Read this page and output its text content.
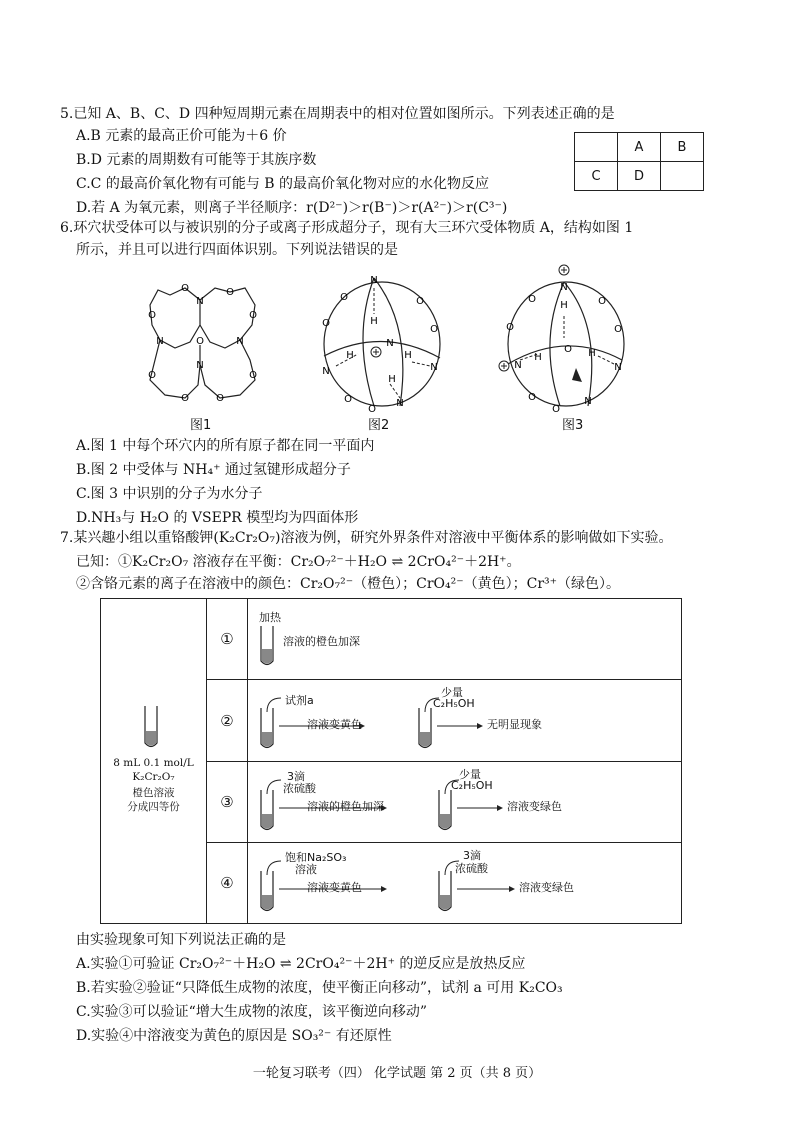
5.已知 A、B、C、D 四种短周期元素在周期表中的相对位置如图所示。下列表述正确的是
A.B 元素的最高正价可能为＋6 价
B.D 元素的周期数有可能等于其族序数
C.C 的最高价氧化物有可能与 B 的最高价氧化物对应的水化物反应
D.若 A 为氧元素，则离子半径顺序：r(D²⁻)＞r(B⁻)＞r(A²⁻)＞r(C³⁻)
	A	B
C	D	
6.环穴状受体可以与被识别的分子或离子形成超分子，现有大三环穴受体物质 A，结构如图 1
所示，并且可以进行四面体识别。下列说法错误的是
O
N
O
O	O
N	O	N
O	O
O	O
N
图1
N
H
N
H	H
H
N	N
N
O	O
O
O
O
O
图2
N
H
O
H	H
N	N
N
O	O
O	O
O
O
图3
A.图 1 中每个环穴内的所有原子都在同一平面内
B.图 2 中受体与 NH₄⁺ 通过氢键形成超分子
C.图 3 中识别的分子为水分子
D.NH₃与 H₂O 的 VSEPR 模型均为四面体形
7.某兴趣小组以重铬酸钾(K₂Cr₂O₇)溶液为例，研究外界条件对溶液中平衡体系的影响做如下实验。
已知：①K₂Cr₂O₇ 溶液存在平衡：Cr₂O₇²⁻＋H₂O ⇌ 2CrO₄²⁻＋2H⁺。
②含铬元素的离子在溶液中的颜色：Cr₂O₇²⁻（橙色）；CrO₄²⁻（黄色）；Cr³⁺（绿色）。
8 mL 0.1 mol/L
K₂Cr₂O₇
橙色溶液
分成四等份
①
加热
溶液的橙色加深
②
试剂a
溶液变黄色
少量
C₂H₅OH
无明显现象
③
3滴
浓硫酸
溶液的橙色加深
少量
C₂H₅OH
溶液变绿色
④
饱和Na₂SO₃
溶液
溶液变黄色
3滴
浓硫酸
溶液变绿色
由实验现象可知下列说法正确的是
A.实验①可验证 Cr₂O₇²⁻＋H₂O ⇌ 2CrO₄²⁻＋2H⁺ 的逆反应是放热反应
B.若实验②验证“只降低生成物的浓度，使平衡正向移动”，试剂 a 可用 K₂CO₃
C.实验③可以验证“增大生成物的浓度，该平衡逆向移动”
D.实验④中溶液变为黄色的原因是 SO₃²⁻ 有还原性
一轮复习联考（四） 化学试题 第 2 页（共 8 页）
